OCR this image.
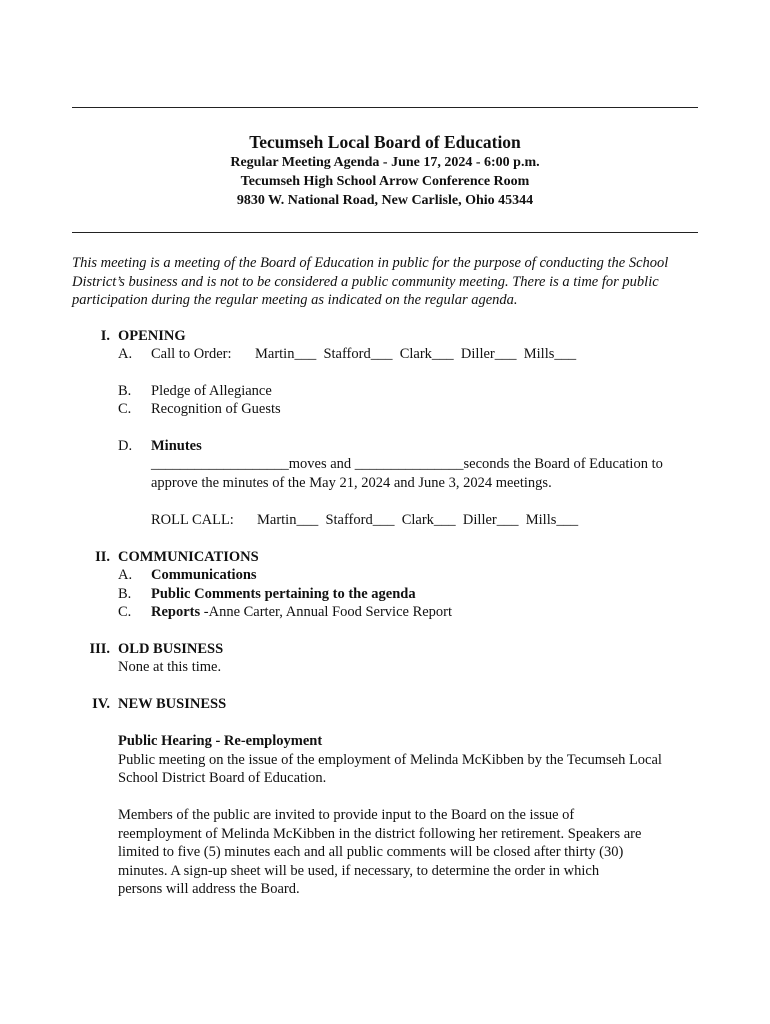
Tecumseh Local Board of Education
Regular Meeting Agenda - June 17, 2024 - 6:00 p.m.
Tecumseh High School Arrow Conference Room
9830 W. National Road, New Carlisle, Ohio 45344
This meeting is a meeting of the Board of Education in public for the purpose of conducting the School District’s business and is not to be considered a public community meeting. There is a time for public participation during the regular meeting as indicated on the regular agenda.
I. OPENING
A. Call to Order: Martin___  Stafford___  Clark___  Diller___  Mills___
B. Pledge of Allegiance
C. Recognition of Guests
D. Minutes
___________________moves and _______________seconds the Board of Education to
approve the minutes of the May 21, 2024 and June 3, 2024 meetings.
ROLL CALL: Martin___  Stafford___  Clark___  Diller___  Mills___
II. COMMUNICATIONS
A. Communications
B. Public Comments pertaining to the agenda
C. Reports -Anne Carter, Annual Food Service Report
III. OLD BUSINESS
None at this time.
IV. NEW BUSINESS
Public Hearing - Re-employment
Public meeting on the issue of the employment of Melinda McKibben by the Tecumseh Local
School District Board of Education.
Members of the public are invited to provide input to the Board on the issue of
reemployment of Melinda McKibben in the district following her retirement. Speakers are
limited to five (5) minutes each and all public comments will be closed after thirty (30)
minutes. A sign-up sheet will be used, if necessary, to determine the order in which
persons will address the Board.
